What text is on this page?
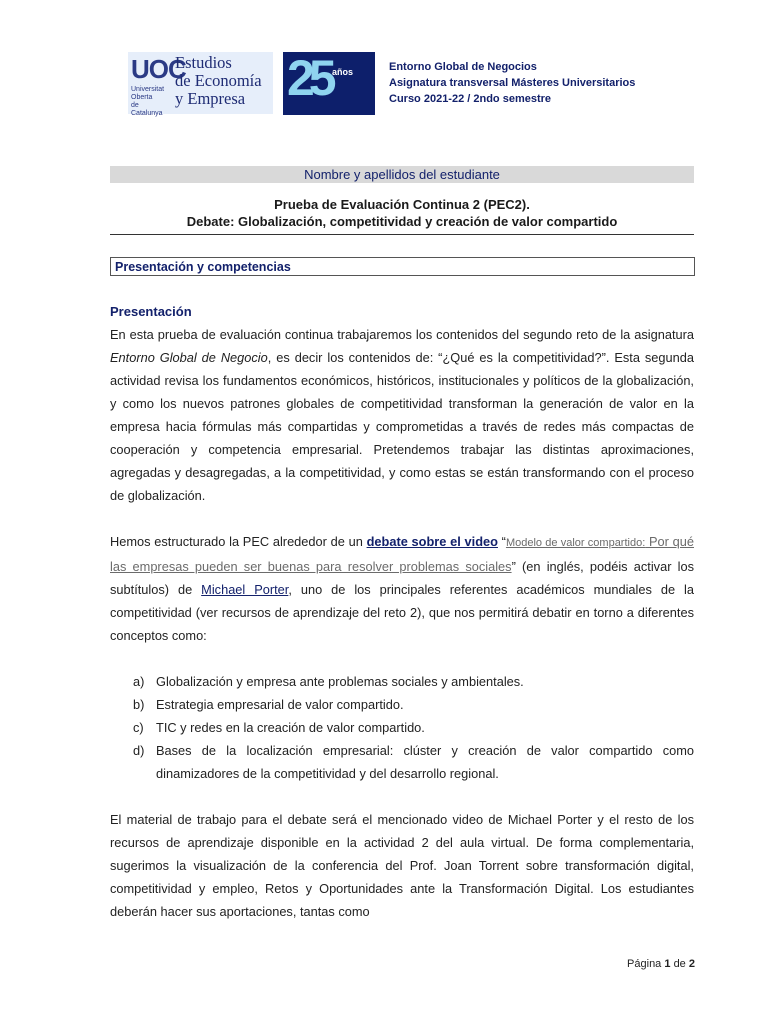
UOC
Universitat
Oberta
de Catalunya
Estudios
de Economía
y Empresa 25 años	Entorno Global de Negocios
Asignatura transversal Másteres Universitarios
Curso 2021-22 / 2ndo semestre
Nombre y apellidos del estudiante
Prueba de Evaluación Continua 2 (PEC2).
Debate: Globalización, competitividad y creación de valor compartido
Presentación y competencias
Presentación

En esta prueba de evaluación continua trabajaremos los contenidos del segundo reto de la asignatura Entorno Global de Negocio, es decir los contenidos de: “¿Qué es la competitividad?”. Esta segunda actividad revisa los fundamentos económicos, históricos, institucionales y políticos de la globalización, y como los nuevos patrones globales de competitividad transforman la generación de valor en la empresa hacia fórmulas más compartidas y comprometidas a través de redes más compactas de cooperación y competencia empresarial. Pretendemos trabajar las distintas aproximaciones, agregadas y desagregadas, a la competitividad, y como estas se están transformando con el proceso de globalización.

Hemos estructurado la PEC alrededor de un debate sobre el video “Modelo de valor compartido: Por qué las empresas pueden ser buenas para resolver problemas sociales” (en inglés, podéis activar los subtítulos) de Michael Porter, uno de los principales referentes académicos mundiales de la competitividad (ver recursos de aprendizaje del reto 2), que nos permitirá debatir en torno a diferentes conceptos como:

a) Globalización y empresa ante problemas sociales y ambientales.
b) Estrategia empresarial de valor compartido.
c) TIC y redes en la creación de valor compartido.
d) Bases de la localización empresarial: clúster y creación de valor compartido como dinamizadores de la competitividad y del desarrollo regional.

El material de trabajo para el debate será el mencionado video de Michael Porter y el resto de los recursos de aprendizaje disponible en la actividad 2 del aula virtual. De forma complementaria, sugerimos la visualización de la conferencia del Prof. Joan Torrent sobre transformación digital, competitividad y empleo, Retos y Oportunidades ante la Transformación Digital. Los estudiantes deberán hacer sus aportaciones, tantas como

Página 1 de 2
